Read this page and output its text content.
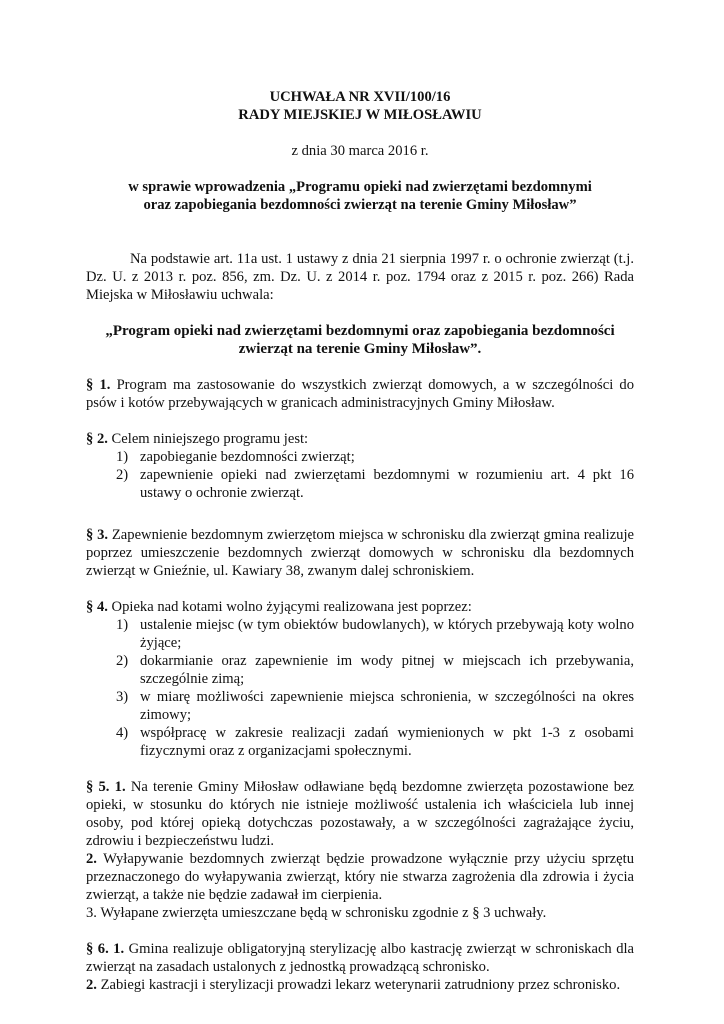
UCHWAŁA NR XVII/100/16
RADY MIEJSKIEJ W MIŁOSŁAWIU
z dnia 30 marca 2016 r.
w sprawie wprowadzenia „Programu opieki nad zwierzętami bezdomnymi
oraz zapobiegania bezdomności zwierząt na terenie Gminy Miłosław”

Na podstawie art. 11a ust. 1 ustawy z dnia 21 sierpnia 1997 r. o ochronie zwierząt (t.j. Dz. U. z 2013 r. poz. 856, zm. Dz. U. z 2014 r. poz. 1794 oraz z 2015 r. poz. 266) Rada Miejska w Miłosławiu uchwala:

„Program opieki nad zwierzętami bezdomnymi oraz zapobiegania bezdomności
zwierząt na terenie Gminy Miłosław”.

§ 1. Program ma zastosowanie do wszystkich zwierząt domowych, a w szczególności do psów i kotów przebywających w granicach administracyjnych Gminy Miłosław.

§ 2. Celem niniejszego programu jest:

1) zapobieganie bezdomności zwierząt;
2) zapewnienie opieki nad zwierzętami bezdomnymi w rozumieniu art. 4 pkt 16 ustawy o ochronie zwierząt.

§ 3. Zapewnienie bezdomnym zwierzętom miejsca w schronisku dla zwierząt gmina realizuje poprzez umieszczenie bezdomnych zwierząt domowych w schronisku dla bezdomnych zwierząt w Gnieźnie, ul. Kawiary 38, zwanym dalej schroniskiem.

§ 4. Opieka nad kotami wolno żyjącymi realizowana jest poprzez:

1) ustalenie miejsc (w tym obiektów budowlanych), w których przebywają koty wolno żyjące;
2) dokarmianie oraz zapewnienie im wody pitnej w miejscach ich przebywania, szczególnie zimą;
3) w miarę możliwości zapewnienie miejsca schronienia, w szczególności na okres zimowy;
4) współpracę w zakresie realizacji zadań wymienionych w pkt 1-3 z osobami fizycznymi oraz z organizacjami społecznymi.

§ 5. 1. Na terenie Gminy Miłosław odławiane będą bezdomne zwierzęta pozostawione bez opieki, w stosunku do których nie istnieje możliwość ustalenia ich właściciela lub innej osoby, pod której opieką dotychczas pozostawały, a w szczególności zagrażające życiu, zdrowiu i bezpieczeństwu ludzi.

2. Wyłapywanie bezdomnych zwierząt będzie prowadzone wyłącznie przy użyciu sprzętu przeznaczonego do wyłapywania zwierząt, który nie stwarza zagrożenia dla zdrowia i życia zwierząt, a także nie będzie zadawał im cierpienia.

3. Wyłapane zwierzęta umieszczane będą w schronisku zgodnie z § 3 uchwały.

§ 6. 1. Gmina realizuje obligatoryjną sterylizację albo kastrację zwierząt w schroniskach dla zwierząt na zasadach ustalonych z jednostką prowadzącą schronisko.

2. Zabiegi kastracji i sterylizacji prowadzi lekarz weterynarii zatrudniony przez schronisko.
